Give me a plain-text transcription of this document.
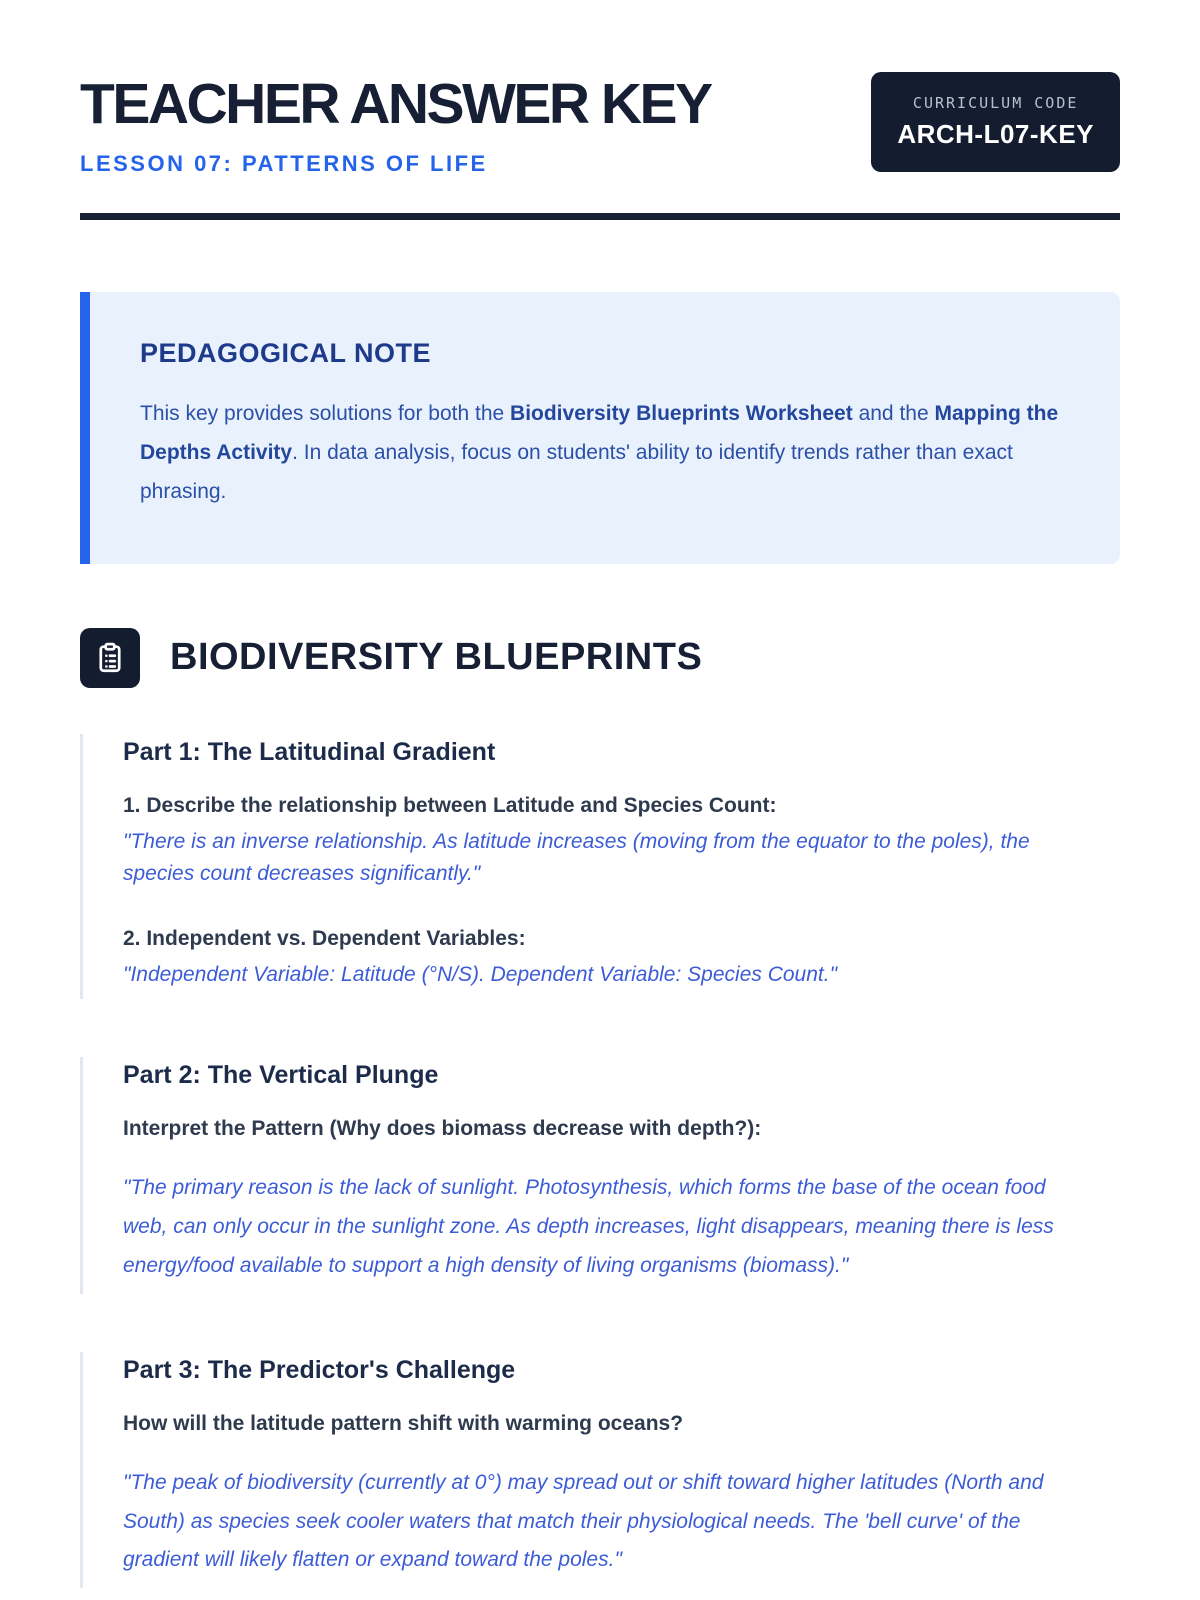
TEACHER ANSWER KEY
LESSON 07: PATTERNS OF LIFE
CURRICULUM CODE
ARCH-L07-KEY
PEDAGOGICAL NOTE

This key provides solutions for both the Biodiversity Blueprints Worksheet and the Mapping the Depths Activity. In data analysis, focus on students' ability to identify trends rather than exact phrasing.

BIODIVERSITY BLUEPRINTS
Part 1: The Latitudinal Gradient

1. Describe the relationship between Latitude and Species Count:

"There is an inverse relationship. As latitude increases (moving from the equator to the poles), the species count decreases significantly."

2. Independent vs. Dependent Variables:

"Independent Variable: Latitude (°N/S). Dependent Variable: Species Count."

Part 2: The Vertical Plunge

Interpret the Pattern (Why does biomass decrease with depth?):

"The primary reason is the lack of sunlight. Photosynthesis, which forms the base of the ocean food web, can only occur in the sunlight zone. As depth increases, light disappears, meaning there is less energy/food available to support a high density of living organisms (biomass)."

Part 3: The Predictor's Challenge

How will the latitude pattern shift with warming oceans?

"The peak of biodiversity (currently at 0°) may spread out or shift toward higher latitudes (North and South) as species seek cooler waters that match their physiological needs. The 'bell curve' of the gradient will likely flatten or expand toward the poles."
